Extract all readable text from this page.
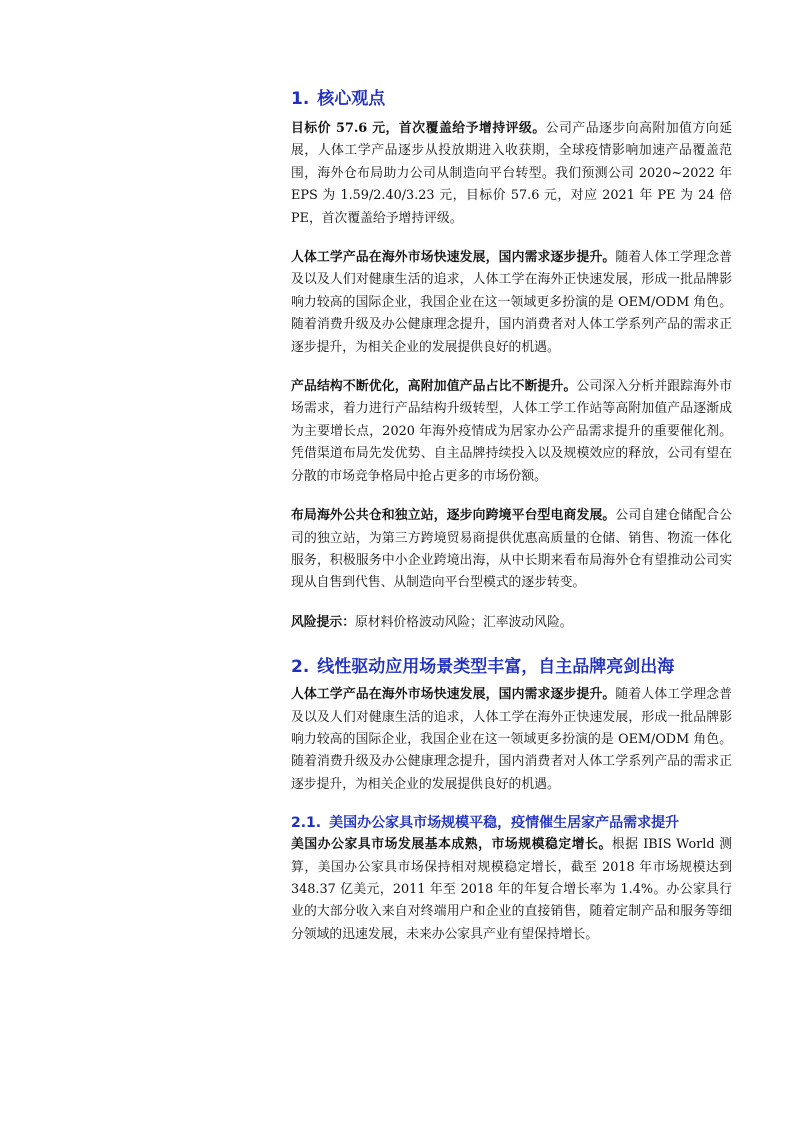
1. 核心观点

目标价 57.6 元，首次覆盖给予增持评级。公司产品逐步向高附加值方向延展，人体工学产品逐步从投放期进入收获期，全球疫情影响加速产品覆盖范围，海外仓布局助力公司从制造向平台转型。我们预测公司 2020~2022 年 EPS 为 1.59/2.40/3.23 元，目标价 57.6 元，对应 2021 年 PE 为 24 倍 PE，首次覆盖给予增持评级。

人体工学产品在海外市场快速发展，国内需求逐步提升。随着人体工学理念普及以及人们对健康生活的追求，人体工学在海外正快速发展，形成一批品牌影响力较高的国际企业，我国企业在这一领域更多扮演的是 OEM/ODM 角色。随着消费升级及办公健康理念提升，国内消费者对人体工学系列产品的需求正逐步提升，为相关企业的发展提供良好的机遇。

产品结构不断优化，高附加值产品占比不断提升。公司深入分析并跟踪海外市场需求，着力进行产品结构升级转型，人体工学工作站等高附加值产品逐渐成为主要增长点，2020 年海外疫情成为居家办公产品需求提升的重要催化剂。凭借渠道布局先发优势、自主品牌持续投入以及规模效应的释放，公司有望在分散的市场竞争格局中抢占更多的市场份额。

布局海外公共仓和独立站，逐步向跨境平台型电商发展。公司自建仓储配合公司的独立站，为第三方跨境贸易商提供优惠高质量的仓储、销售、物流一体化服务，积极服务中小企业跨境出海，从中长期来看布局海外仓有望推动公司实现从自售到代售、从制造向平台型模式的逐步转变。

风险提示：原材料价格波动风险；汇率波动风险。

2. 线性驱动应用场景类型丰富，自主品牌亮剑出海

人体工学产品在海外市场快速发展，国内需求逐步提升。随着人体工学理念普及以及人们对健康生活的追求，人体工学在海外正快速发展，形成一批品牌影响力较高的国际企业，我国企业在这一领域更多扮演的是 OEM/ODM 角色。随着消费升级及办公健康理念提升，国内消费者对人体工学系列产品的需求正逐步提升，为相关企业的发展提供良好的机遇。

2.1. 美国办公家具市场规模平稳，疫情催生居家产品需求提升

美国办公家具市场发展基本成熟，市场规模稳定增长。根据 IBIS World 测算，美国办公家具市场保持相对规模稳定增长，截至 2018 年市场规模达到 348.37 亿美元，2011 年至 2018 年的年复合增长率为 1.4%。办公家具行业的大部分收入来自对终端用户和企业的直接销售，随着定制产品和服务等细分领域的迅速发展，未来办公家具产业有望保持增长。
